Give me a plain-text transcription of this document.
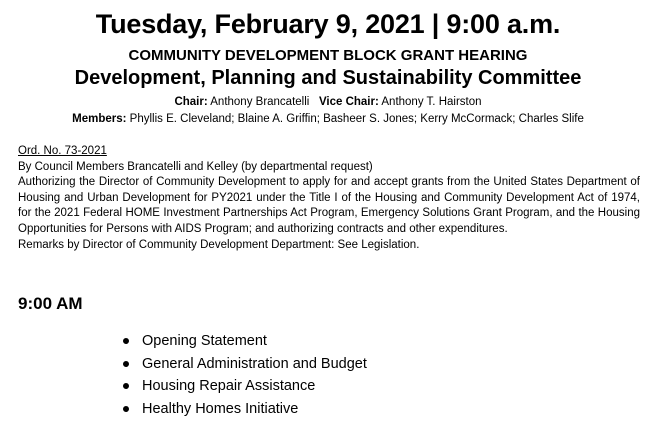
Tuesday, February 9, 2021 | 9:00 a.m.
COMMUNITY DEVELOPMENT BLOCK GRANT HEARING
Development, Planning and Sustainability Committee
Chair: Anthony Brancatelli Vice Chair: Anthony T. Hairston
Members: Phyllis E. Cleveland; Blaine A. Griffin; Basheer S. Jones; Kerry McCormack; Charles Slife
Ord. No. 73-2021
By Council Members Brancatelli and Kelley (by departmental request)
Authorizing the Director of Community Development to apply for and accept grants from the United States Department of Housing and Urban Development for PY2021 under the Title I of the Housing and Community Development Act of 1974, for the 2021 Federal HOME Investment Partnerships Act Program, Emergency Solutions Grant Program, and the Housing Opportunities for Persons with AIDS Program; and authorizing contracts and other expenditures.
Remarks by Director of Community Development Department: See Legislation.
9:00 AM
Opening Statement
General Administration and Budget
Housing Repair Assistance
Healthy Homes Initiative
